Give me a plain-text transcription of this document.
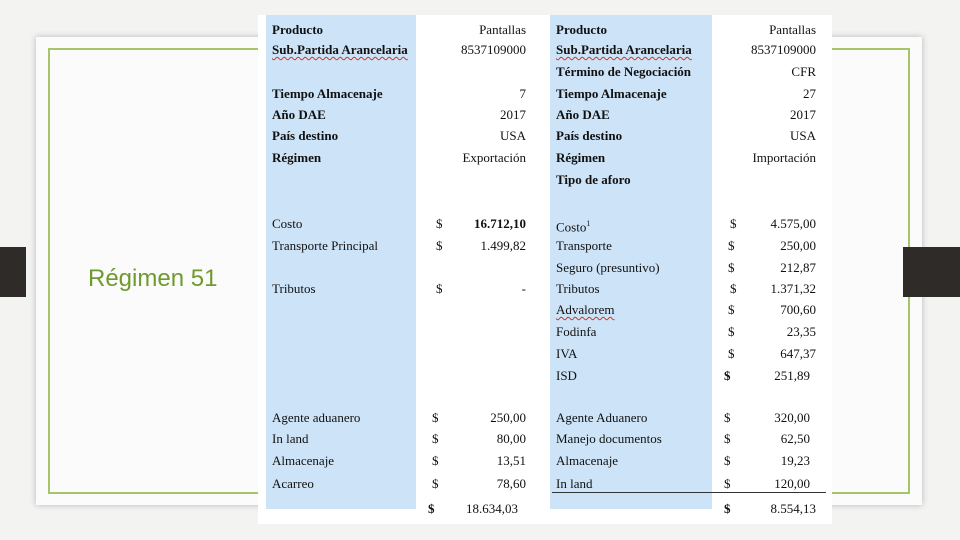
Régimen 51
Producto	Pantallas
Sub.Partida Arancelaria	8537109000
Tiempo Almacenaje	7
Año DAE	2017
País destino	USA
Régimen	Exportación
Costo	$	16.712,10
Transporte Principal	$	1.499,82
Tributos	$	-
Agente aduanero	$	250,00
In land	$	80,00
Almacenaje	$	13,51
Acarreo	$	78,60
$	18.634,03
Producto	Pantallas
Sub.Partida Arancelaria	8537109000
Término de Negociación	CFR
Tiempo Almacenaje	27
Año DAE	2017
País destino	USA
Régimen	Importación
Tipo de aforo
Costo$^1$	$	4.575,00
Transporte	$	250,00
Seguro (presuntivo)	$	212,87
Tributos	$	1.371,32
Advalorem	$	700,60
Fodinfa	$	23,35
IVA	$	647,37
ISD	$	251,89
Agente Aduanero	$	320,00
Manejo documentos	$	62,50
Almacenaje	$	19,23
In land	$	120,00
$	8.554,13
